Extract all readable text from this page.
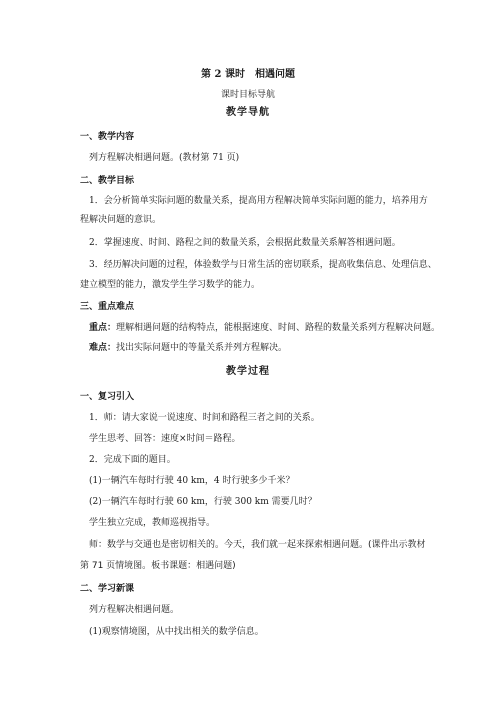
第 2 课时　相遇问题
课时目标导航
教学导航
一、教学内容
列方程解决相遇问题。(教材第 71 页)
二、教学目标
1．会分析简单实际问题的数量关系，提高用方程解决简单实际问题的能力，培养用方
程解决问题的意识。
2．掌握速度、时间、路程之间的数量关系，会根据此数量关系解答相遇问题。
3．经历解决问题的过程，体验数学与日常生活的密切联系，提高收集信息、处理信息、
建立模型的能力，激发学生学习数学的能力。
三、重点难点
重点：理解相遇问题的结构特点，能根据速度、时间、路程的数量关系列方程解决问题。
难点：找出实际问题中的等量关系并列方程解决。
教学过程
一、复习引入
1．师：请大家说一说速度、时间和路程三者之间的关系。
学生思考、回答：速度×时间＝路程。
2．完成下面的题目。
(1)一辆汽车每时行驶 40 km，4 时行驶多少千米？
(2)一辆汽车每时行驶 60 km，行驶 300 km 需要几时？
学生独立完成，教师巡视指导。
师：数学与交通也是密切相关的。今天，我们就一起来探索相遇问题。(课件出示教材
第 71 页情境图。板书课题：相遇问题)
二、学习新课
列方程解决相遇问题。
(1)观察情境图，从中找出相关的数学信息。
